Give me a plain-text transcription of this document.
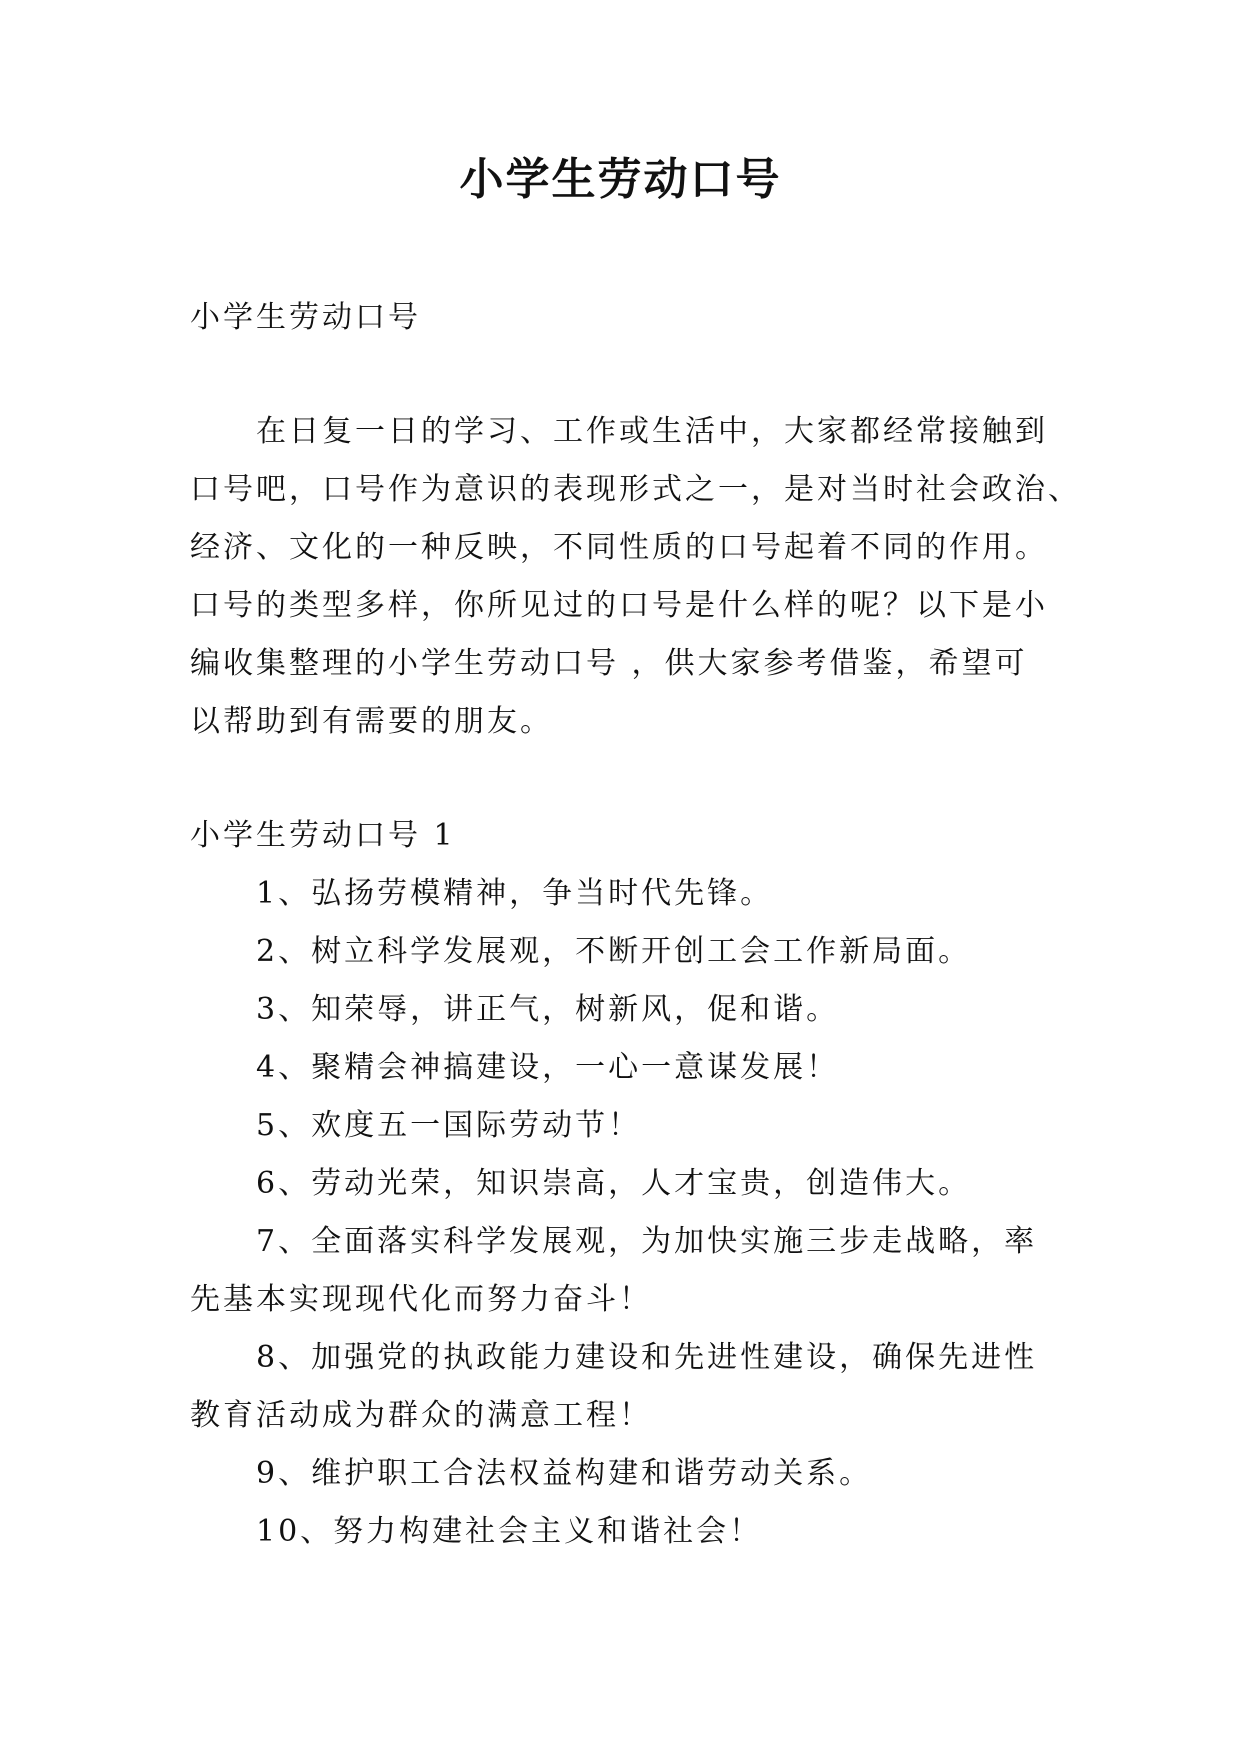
小学生劳动口号
小学生劳动口号
在日复一日的学习、工作或生活中，大家都经常接触到
口号吧，口号作为意识的表现形式之一，是对当时社会政治、
经济、文化的一种反映，不同性质的口号起着不同的作用。
口号的类型多样，你所见过的口号是什么样的呢？以下是小
编收集整理的小学生劳动口号 ，供大家参考借鉴，希望可
以帮助到有需要的朋友。
小学生劳动口号 1
1、弘扬劳模精神，争当时代先锋。
2、树立科学发展观，不断开创工会工作新局面。
3、知荣辱，讲正气，树新风，促和谐。
4、聚精会神搞建设，一心一意谋发展！
5、欢度五一国际劳动节！
6、劳动光荣，知识崇高，人才宝贵，创造伟大。
7、全面落实科学发展观，为加快实施三步走战略，率
先基本实现现代化而努力奋斗！
8、加强党的执政能力建设和先进性建设，确保先进性
教育活动成为群众的满意工程！
9、维护职工合法权益构建和谐劳动关系。
10、努力构建社会主义和谐社会！
